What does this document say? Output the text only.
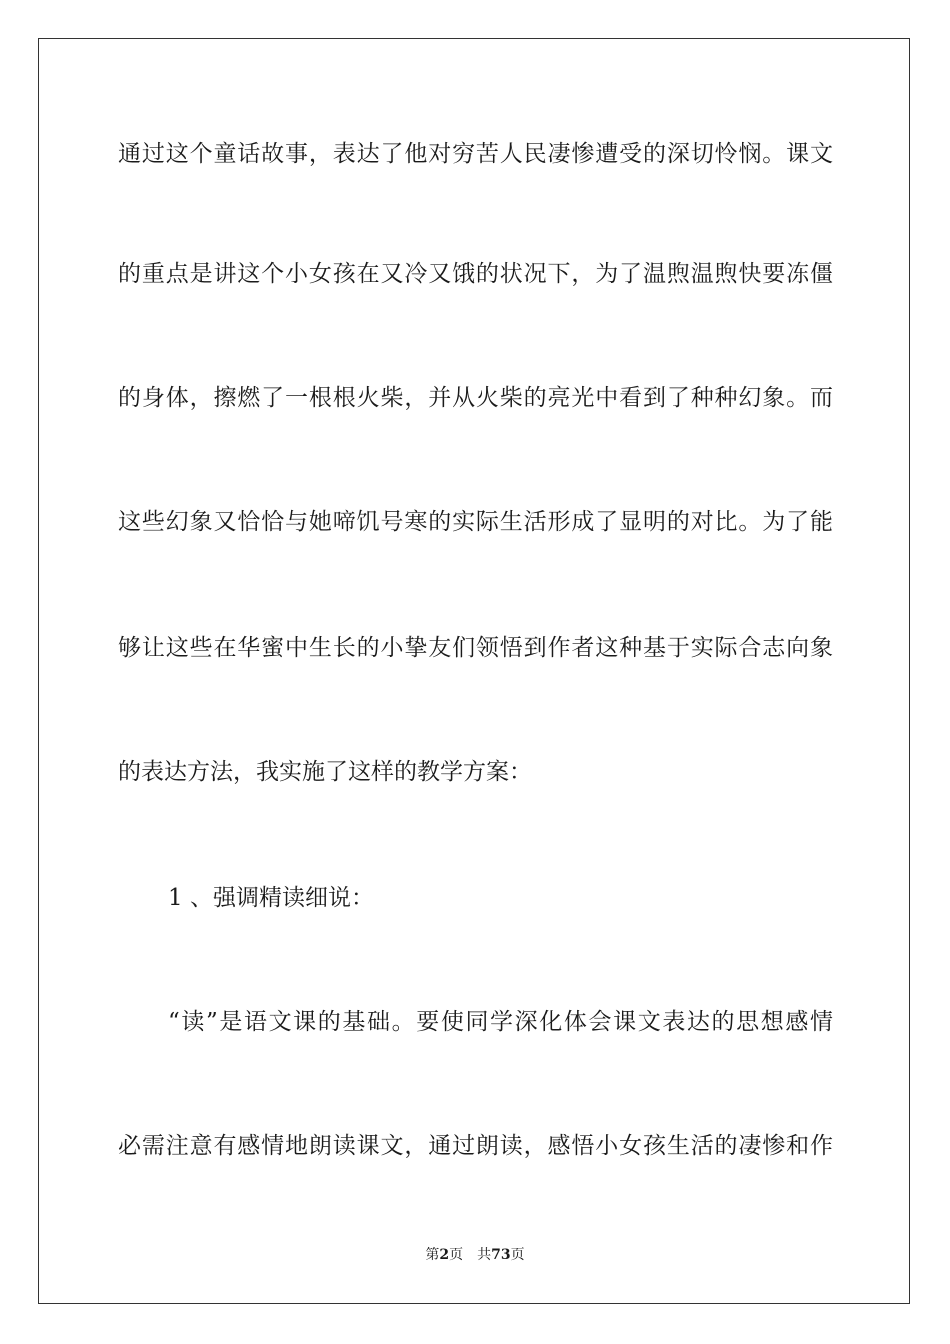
通过这个童话故事，表达了他对穷苦人民凄惨遭受的深切怜悯。课文
的重点是讲这个小女孩在又冷又饿的状况下，为了温煦温煦快要冻僵
的身体，擦燃了一根根火柴，并从火柴的亮光中看到了种种幻象。而
这些幻象又恰恰与她啼饥号寒的实际生活形成了显明的对比。为了能
够让这些在华蜜中生长的小挚友们领悟到作者这种基于实际合志向象
的表达方法，我实施了这样的教学方案：
1 、强调精读细说：
“读”是语文课的基础。要使同学深化体会课文表达的思想感情
必需注意有感情地朗读课文，通过朗读，感悟小女孩生活的凄惨和作
第2页 共73页
